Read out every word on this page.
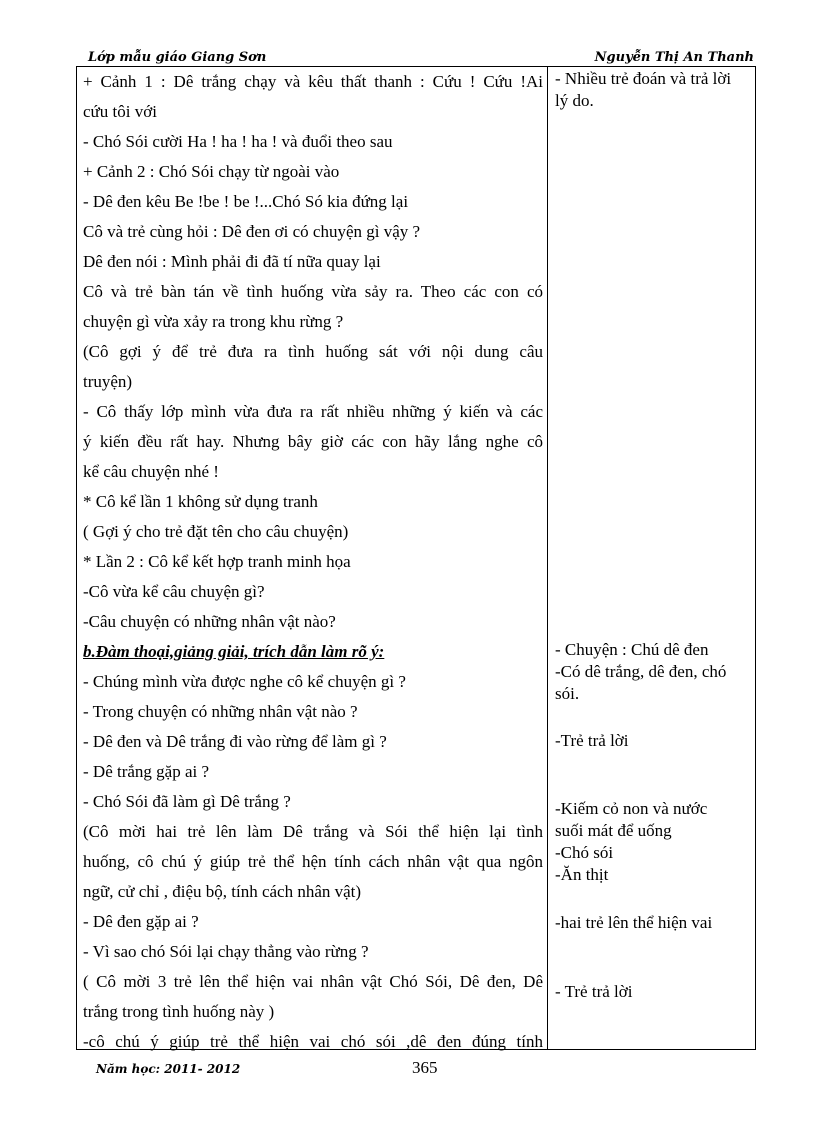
Lớp mẫu giáo Giang Sơn	Nguyễn Thị An Thanh

+ Cảnh 1 : Dê trắng chạy và kêu thất thanh : Cứu ! Cứu !Ai

cứu tôi với

- Chó Sói cười Ha ! ha ! ha ! và đuổi theo sau

+ Cảnh 2 : Chó Sói chạy từ ngoài vào

- Dê đen kêu Be !be ! be !...Chó Só kia đứng lại

Cô và trẻ cùng hỏi : Dê đen ơi có chuyện gì vậy ?

Dê đen nói : Mình phải đi đã tí nữa quay lại

Cô và trẻ bàn tán về tình huống vừa sảy ra. Theo các con có

chuyện gì vừa xảy ra trong khu rừng ?

(Cô gợi ý để trẻ đưa ra tình huống sát với nội dung câu

truyện)

- Cô thấy lớp mình vừa đưa ra rất nhiều những ý kiến và các

ý kiến đều rất hay. Nhưng bây giờ các con hãy lắng nghe cô

kể câu chuyện nhé !

* Cô kể lần 1 không sử dụng tranh

( Gợi ý cho trẻ đặt tên cho câu chuyện)

* Lần 2 : Cô kể kết hợp tranh minh họa

-Cô vừa kể câu chuyện gì?

-Câu chuyện có những nhân vật nào?

b.Đàm thoại,giảng giải, trích dẫn làm rõ ý:

- Chúng mình vừa được nghe cô kể chuyện gì ?

- Trong chuyện có những nhân vật nào ?

- Dê đen và Dê trắng đi vào rừng để làm gì ?

- Dê trắng gặp ai ?

- Chó Sói đã làm gì Dê trắng ?

(Cô mời hai trẻ lên làm Dê trắng và Sói thể hiện lại tình

huống, cô chú ý giúp trẻ thể hện tính cách nhân vật qua ngôn

ngữ, cử chỉ , điệu bộ, tính cách nhân vật)

- Dê đen gặp ai ?

- Vì sao chó Sói lại chạy thẳng vào rừng ?

( Cô mời 3 trẻ lên thể hiện vai nhân vật Chó Sói, Dê đen, Dê

trắng trong tình huống này )

-cô chú ý giúp trẻ thể hiện vai chó sói ,dê đen đúng tính

- Nhiều trẻ đoán và trả lời

lý do.

- Chuyện : Chú dê đen

-Có dê trắng, dê đen, chó

sói.

-Trẻ trả lời

-Kiếm cỏ non và nước

suối mát để uống

-Chó sói

-Ăn thịt

-hai trẻ lên thể hiện vai

- Trẻ trả lời

Năm học: 2011- 2012	365
